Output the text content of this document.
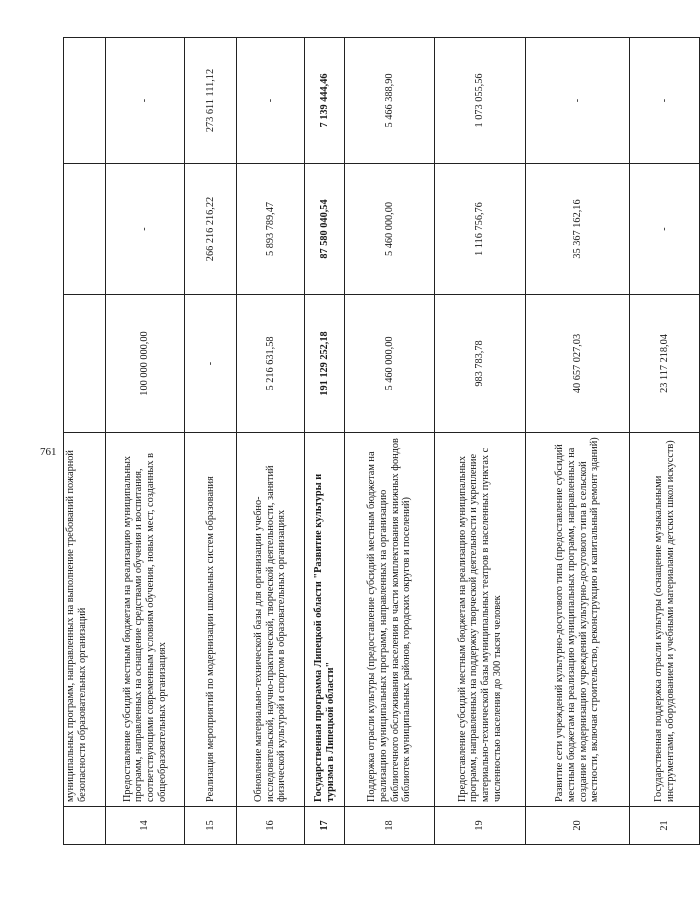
761
	муниципальных программ, направленных на выполнение требований пожарной безопасности образовательных организаций			
14	Предоставление субсидий местным бюджетам на реализацию муниципальных программ, направленных на оснащение средствами обучения и воспитания, соответствующими современным условиям обучения, новых мест, созданных в общеобразовательных организациях	100 000 000,00	-	-
15	Реализация мероприятий по модернизации школьных систем образования	-	266 216 216,22	273 611 111,12
16	Обновление материально-технической базы для организации учебно-исследовательской, научно-практической, творческой деятельности, занятий физической культурой и спортом в образовательных организациях	5 216 631,58	5 893 789,47	-
17	Государственная программа Липецкой области "Развитие культуры и туризма в Липецкой области"	191 129 252,18	87 580 040,54	7 139 444,46
18	Поддержка отрасли культуры (предоставление субсидий местным бюджетам на реализацию муниципальных программ, направленных на организацию библиотечного обслуживания населения в части комплектования книжных фондов библиотек муниципальных районов, городских округов и поселений)	5 460 000,00	5 460 000,00	5 466 388,90
19	Предоставление субсидий местным бюджетам на реализацию муниципальных программ, направленных на поддержку творческой деятельности и укрепление материально-технической базы муниципальных театров в населенных пунктах с численностью населения до 300 тысяч человек	983 783,78	1 116 756,76	1 073 055,56
20	Развитие сети учреждений культурно-досугового типа (предоставление субсидий местным бюджетам на реализацию муниципальных программ, направленных на создание и модернизацию учреждений культурно-досугового типа в сельской местности, включая строительство, реконструкцию и капитальный ремонт зданий)	40 657 027,03	35 367 162,16	-
21	Государственная поддержка отрасли культуры (оснащение музыкальными инструментами, оборудованием и учебными материалами детских школ искусств)	23 117 218,04	-	-
